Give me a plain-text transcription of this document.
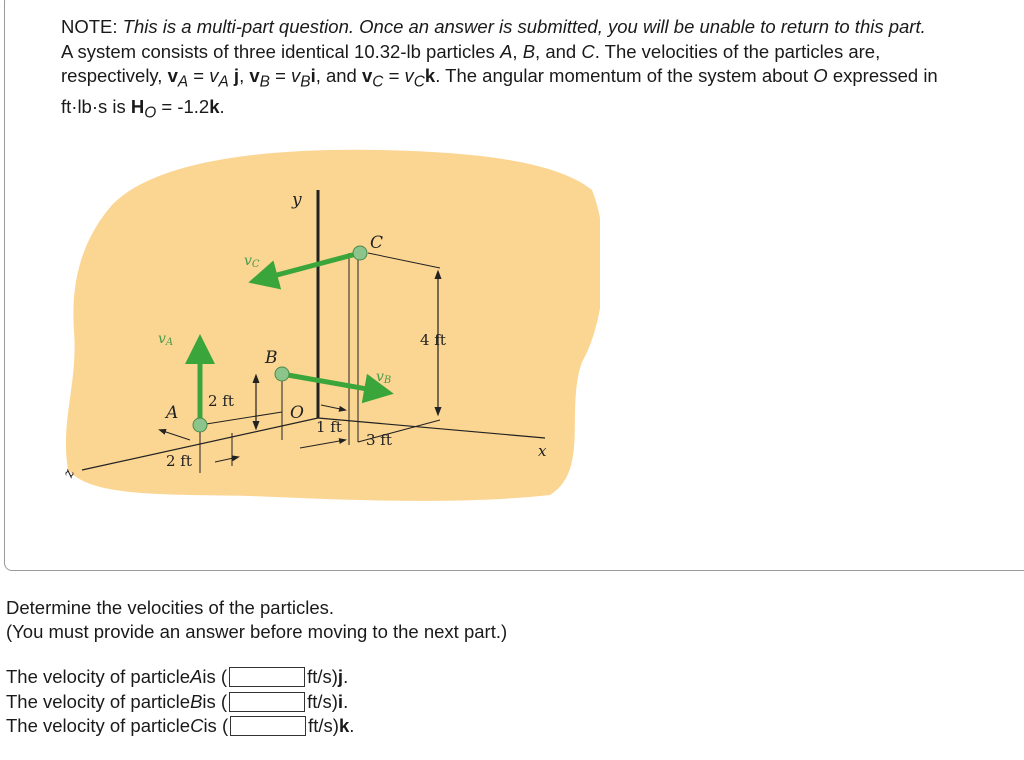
NOTE: This is a multi-part question. Once an answer is submitted, you will be unable to return to this part.
A system consists of three identical 10.32-lb particles A, B, and C. The velocities of the particles are, respectively, $v_A = v_A$ j, $v_B = v_Bi$, and $v_C = v_Ck$. The angular momentum of the system about O expressed in ft·lb·s is $H_O = -1.2k$.
y
x
z
C
B
A	O
vC
vA
vB
4 ft
2 ft
2 ft
1 ft
3 ft
Determine the velocities of the particles.
(You must provide an answer before moving to the next part.)
The velocity of particle A is (	ft/s)j.
The velocity of particle B is (	ft/s)i.
The velocity of particle C is (	ft/s)k.
